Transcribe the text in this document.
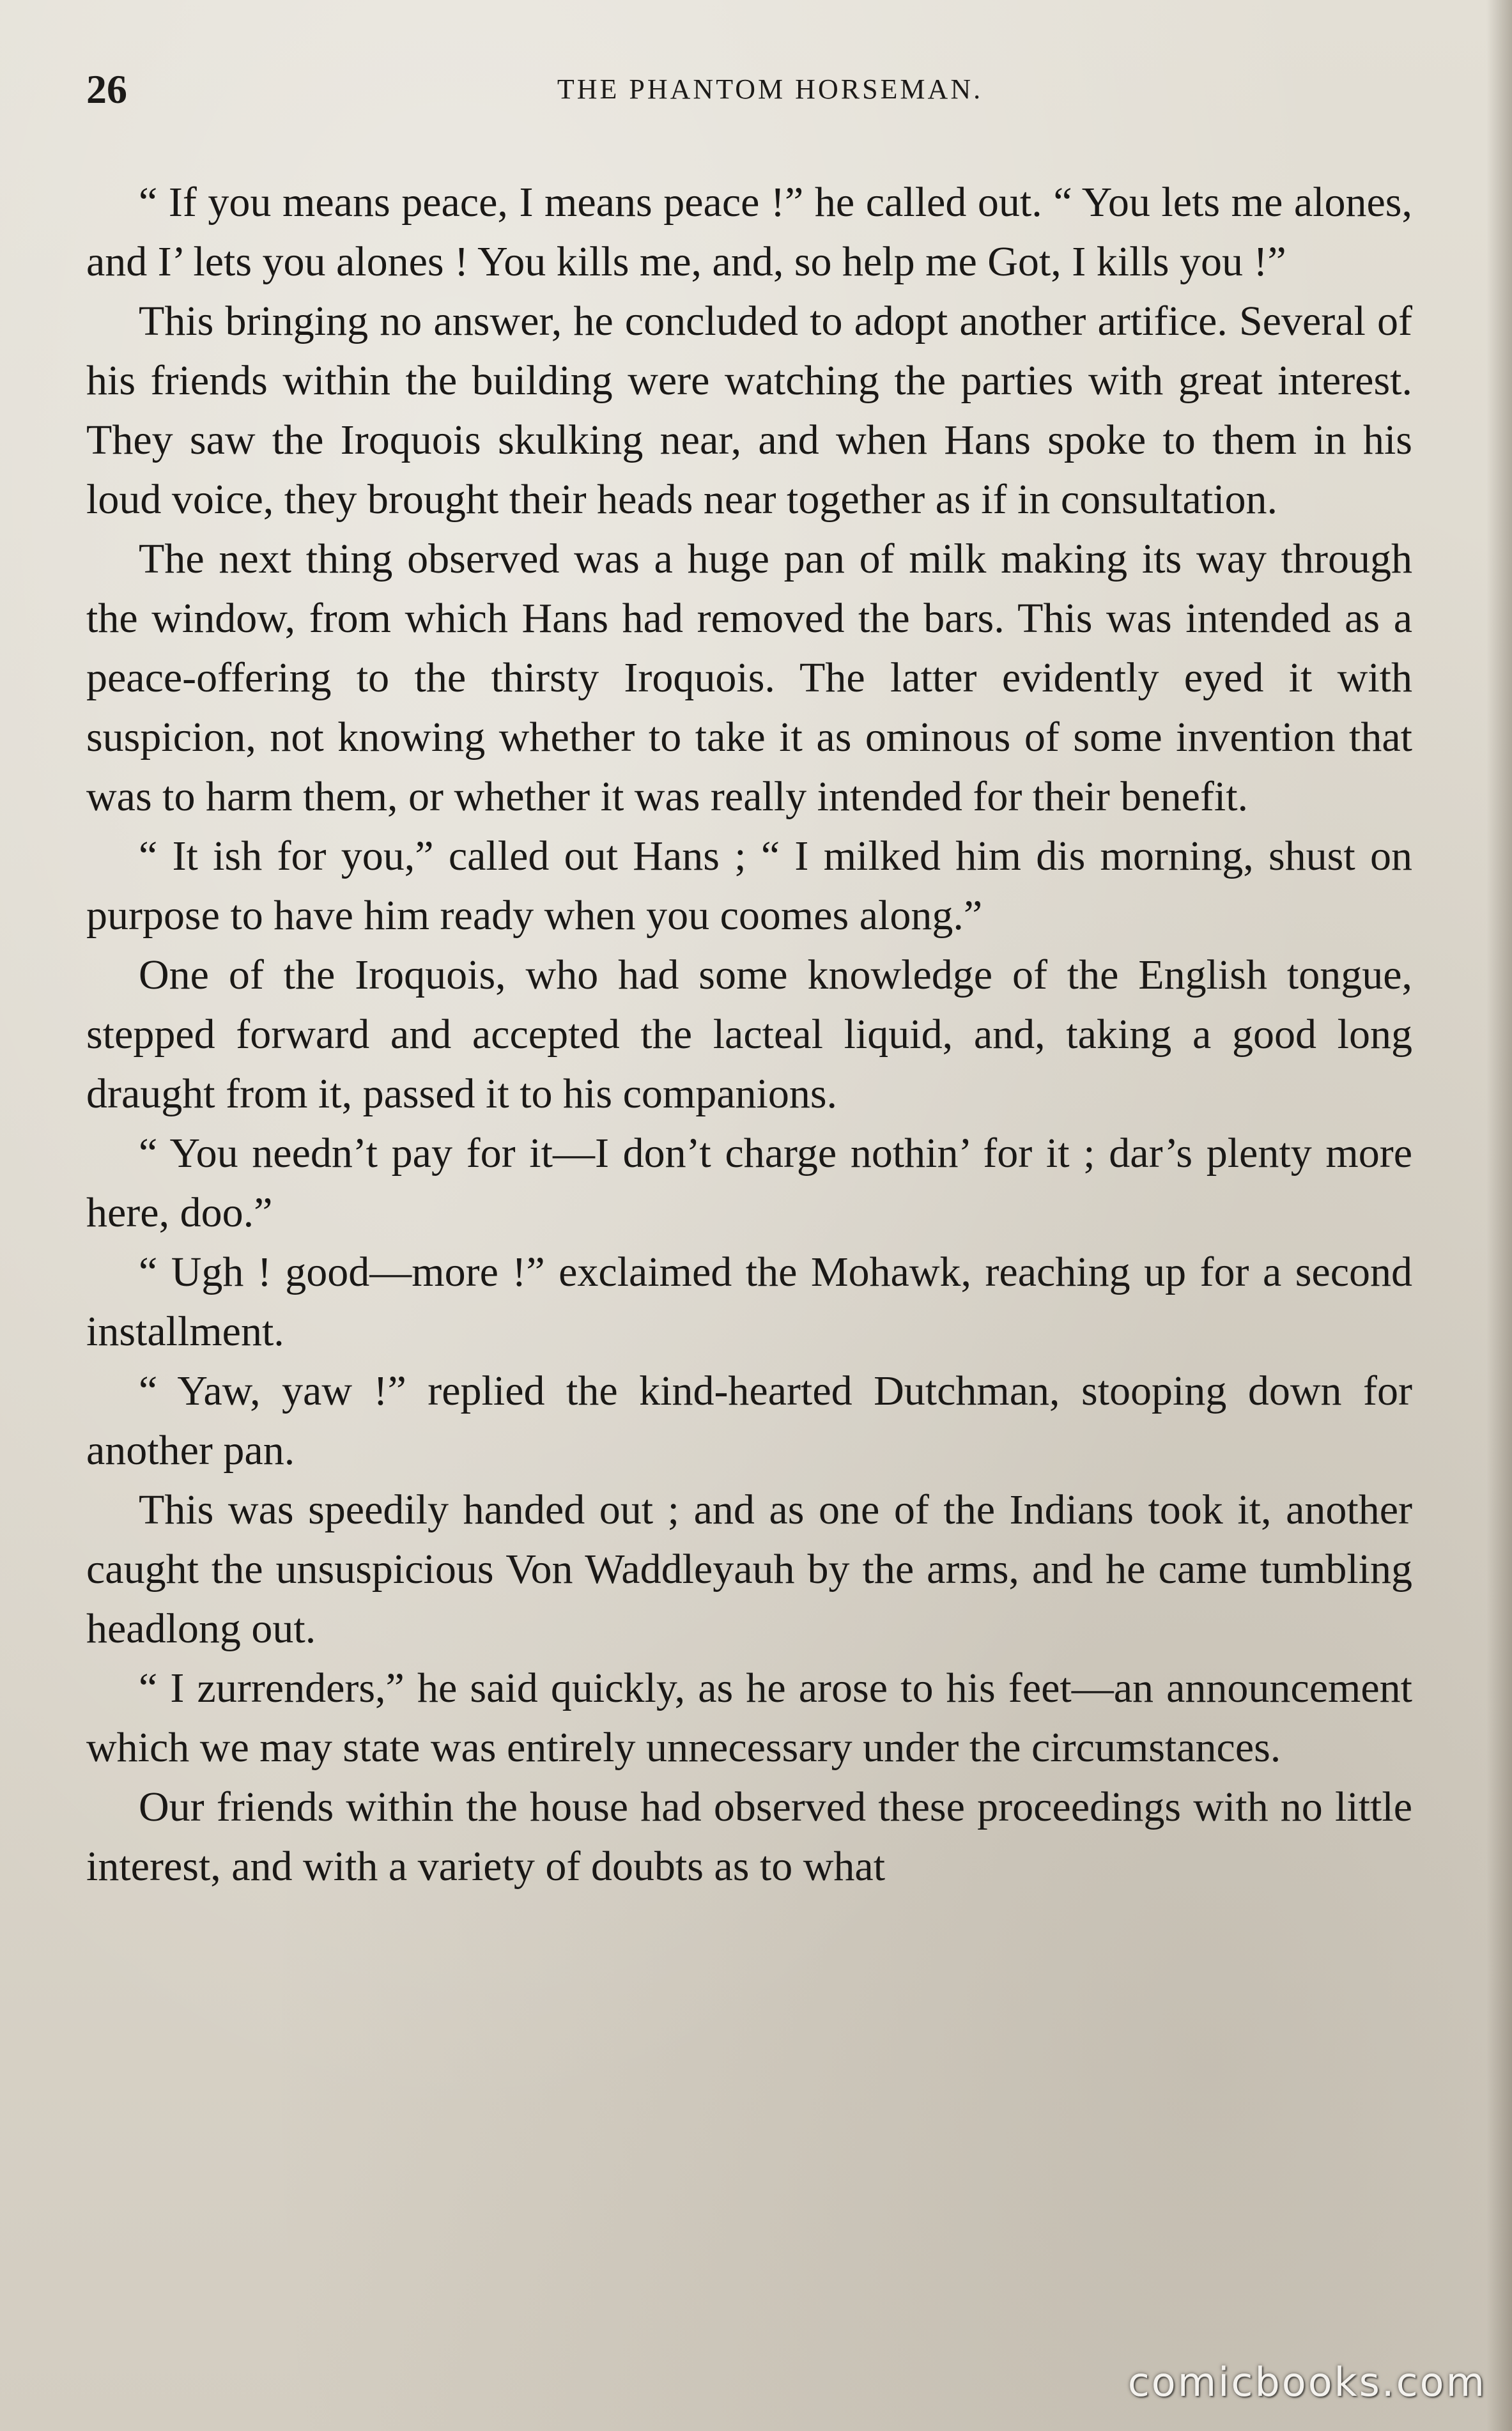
26	THE PHANTOM HORSEMAN.

“ If you means peace, I means peace !” he called out. “ You lets me alones, and I’ lets you alones ! You kills me, and, so help me Got, I kills you !”

This bringing no answer, he concluded to adopt another artifice. Several of his friends within the building were watching the parties with great interest. They saw the Iroquois skulking near, and when Hans spoke to them in his loud voice, they brought their heads near together as if in consultation.

The next thing observed was a huge pan of milk making its way through the window, from which Hans had removed the bars. This was intended as a peace-offering to the thirsty Iroquois. The latter evidently eyed it with suspicion, not knowing whether to take it as ominous of some invention that was to harm them, or whether it was really intended for their benefit.

“ It ish for you,” called out Hans ; “ I milked him dis morning, shust on purpose to have him ready when you coomes along.”

One of the Iroquois, who had some knowledge of the English tongue, stepped forward and accepted the lacteal liquid, and, taking a good long draught from it, passed it to his companions.

“ You needn’t pay for it—I don’t charge nothin’ for it ; dar’s plenty more here, doo.”

“ Ugh ! good—more !” exclaimed the Mohawk, reaching up for a second installment.

“ Yaw, yaw !” replied the kind-hearted Dutchman, stooping down for another pan.

This was speedily handed out ; and as one of the Indians took it, another caught the unsuspicious Von Waddleyauh by the arms, and he came tumbling headlong out.

“ I zurrenders,” he said quickly, as he arose to his feet—an announcement which we may state was entirely unnecessary under the circumstances.

Our friends within the house had observed these proceedings with no little interest, and with a variety of doubts as to what

comicbooks.com
